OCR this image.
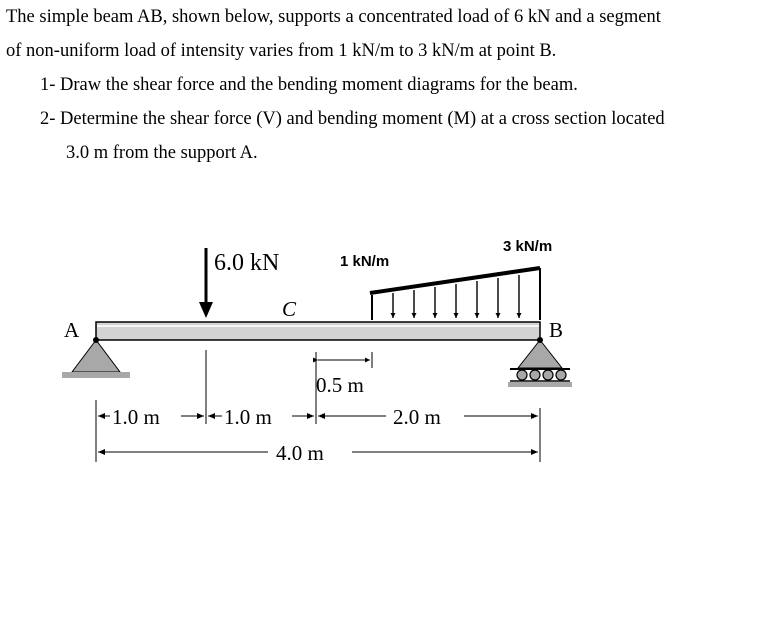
The simple beam AB, shown below, supports a concentrated load of 6 kN and a segment

of non-uniform load of intensity varies from 1 kN/m to 3 kN/m at point B.

1- Draw the shear force and the bending moment diagrams for the beam.

2- Determine the shear force (V) and bending moment (M) at a cross section located

3.0 m from the support A.

6.0 kN
C
1 kN/m
3 kN/m
A	B
0.5 m
1.0 m	1.0 m	2.0 m
4.0 m
